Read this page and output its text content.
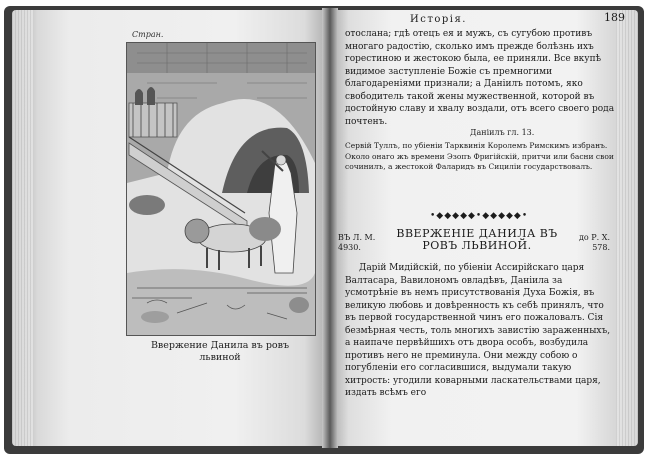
Стран.
Ввержение Данила въ ровъ
львиной
Исторія.	189
отослана; гдѣ отецъ ея и мужъ, съ сугубою противъ многаго радостію, сколько имъ прежде болѣзнь ихъ горестиною и жестокою была, ее приняли. Все вкупѣ видимое заступленіе Божіе съ премногими благодареніями признали; а Даніилъ потомъ, яко свободитель такой жены мужественной, которой въ достойную славу и хвалу воздали, отъ всего своего рода почтенъ.
Даніилъ гл. 13.
Сервій Туллъ, по убіеніи Тарквинія Королемъ Римскимъ избранъ. Около онаго жъ времени Эзопъ Фригійскій, притчи или басни свои сочинилъ, а жестокой Фаларидъ въ Сициліи государствовалъ.
•◆◆◆◆◆•◆◆◆◆◆•
ВЪ Л. М.
4930.
ВВЕРЖЕНІЕ ДАНИЛА ВЪ
РОВЪ ЛЬВИНОЙ.
до Р. Х.
578.
Дарій Мидійскій, по убіеніи Ассирійскаго царя Валтасара, Вавилономъ овладѣвъ, Даніила за усмотрѣніе въ немъ присутствованія Духа Божія, въ великую любовь и довѣренность къ себѣ принялъ, что въ первой государственной чинъ его пожаловалъ. Сія безмѣрная честь, толь многихъ завистію зараженныхъ, а наипаче первѣйшихъ отъ двора особъ, возбудила противъ него не преминула. Они между собою о погубленіи его согласившися, выдумали такую хитрость: угодили коварными ласкательствами царя, издать всѣмъ его
